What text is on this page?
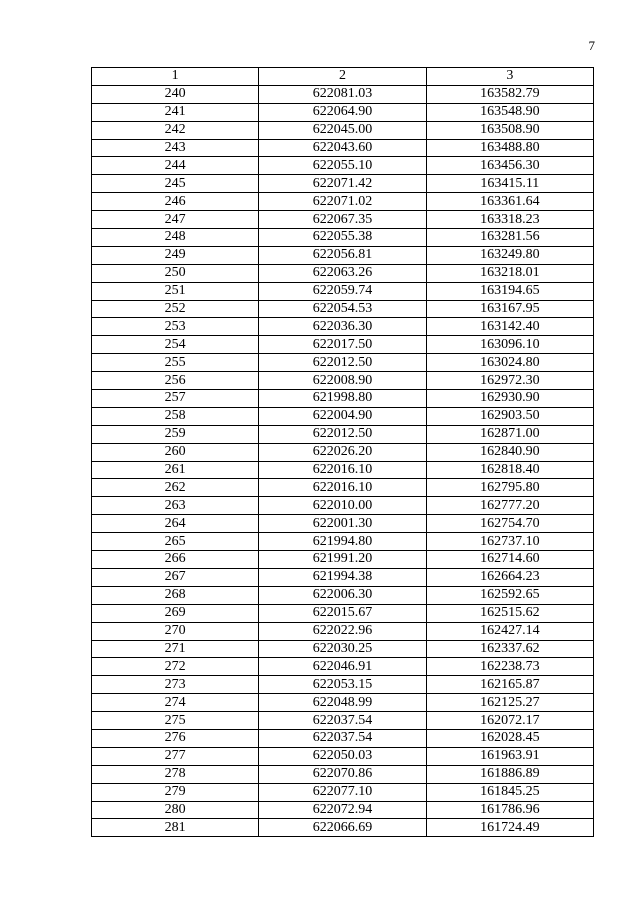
7
1	2	3
240	622081.03	163582.79
241	622064.90	163548.90
242	622045.00	163508.90
243	622043.60	163488.80
244	622055.10	163456.30
245	622071.42	163415.11
246	622071.02	163361.64
247	622067.35	163318.23
248	622055.38	163281.56
249	622056.81	163249.80
250	622063.26	163218.01
251	622059.74	163194.65
252	622054.53	163167.95
253	622036.30	163142.40
254	622017.50	163096.10
255	622012.50	163024.80
256	622008.90	162972.30
257	621998.80	162930.90
258	622004.90	162903.50
259	622012.50	162871.00
260	622026.20	162840.90
261	622016.10	162818.40
262	622016.10	162795.80
263	622010.00	162777.20
264	622001.30	162754.70
265	621994.80	162737.10
266	621991.20	162714.60
267	621994.38	162664.23
268	622006.30	162592.65
269	622015.67	162515.62
270	622022.96	162427.14
271	622030.25	162337.62
272	622046.91	162238.73
273	622053.15	162165.87
274	622048.99	162125.27
275	622037.54	162072.17
276	622037.54	162028.45
277	622050.03	161963.91
278	622070.86	161886.89
279	622077.10	161845.25
280	622072.94	161786.96
281	622066.69	161724.49
